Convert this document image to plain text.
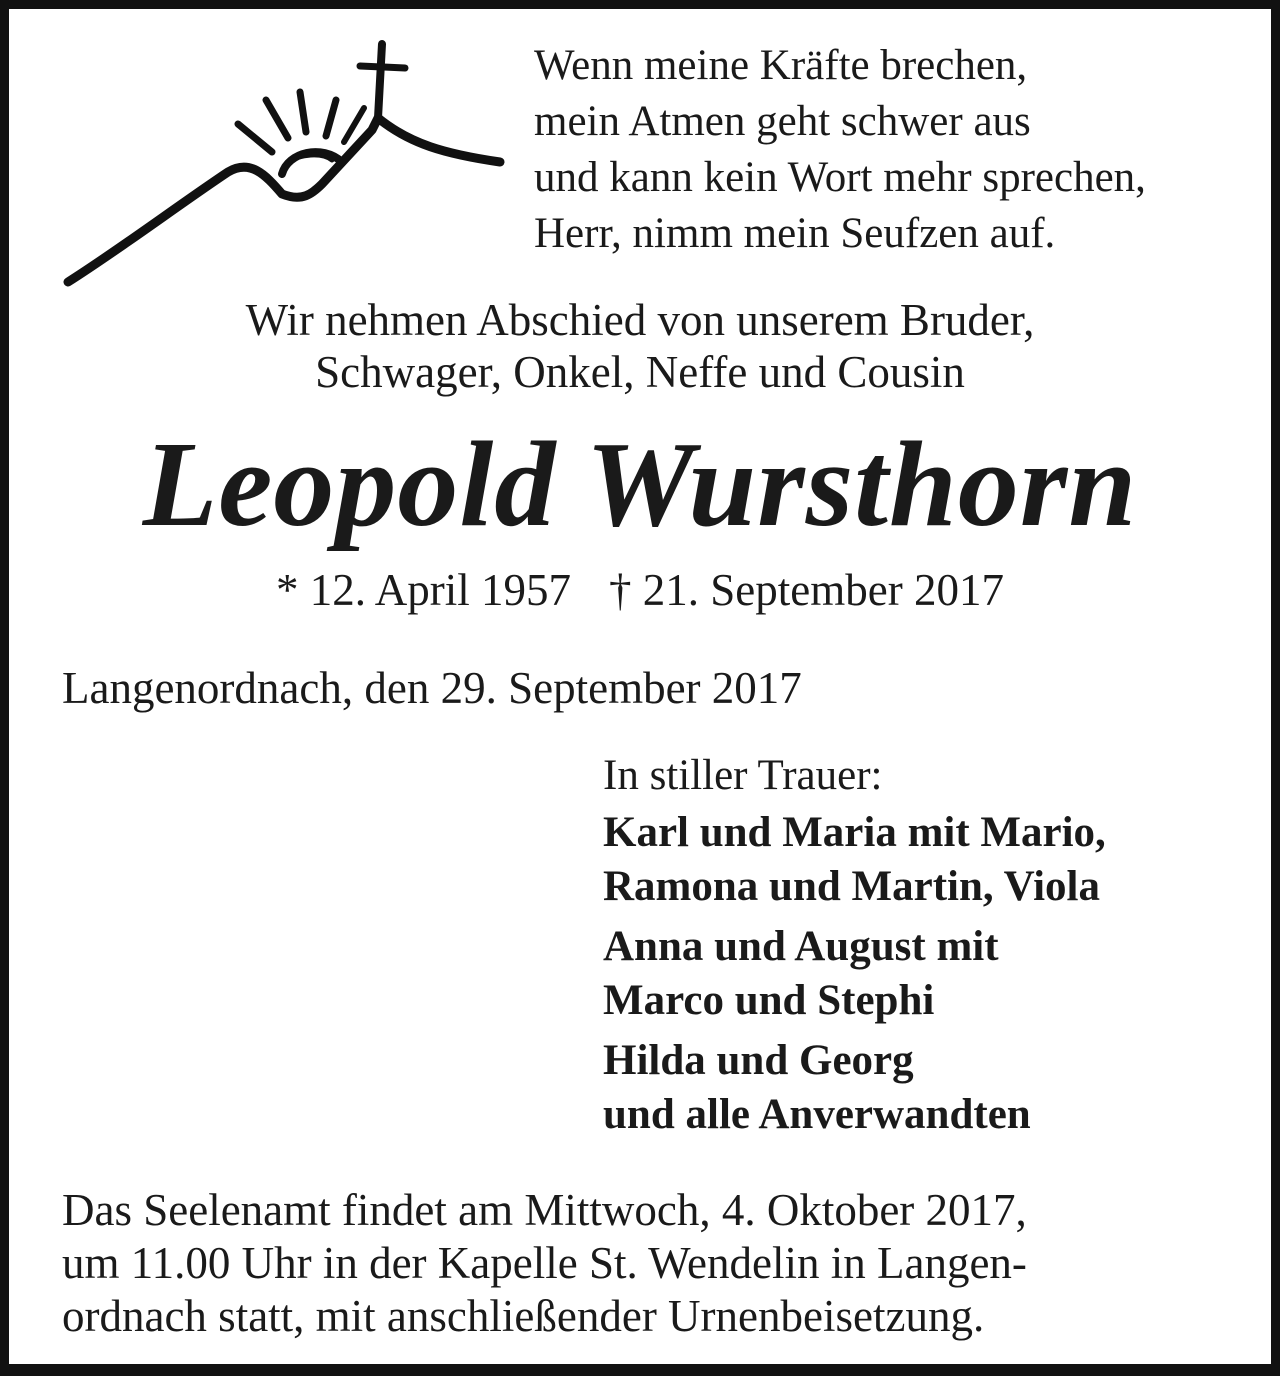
Wenn meine Kräfte brechen,
mein Atmen geht schwer aus
und kann kein Wort mehr sprechen,
Herr, nimm mein Seufzen auf.
Wir nehmen Abschied von unserem Bruder,
Schwager, Onkel, Neffe und Cousin
Leopold Wursthorn
* 12. April 1957 † 21. September 2017
Langenordnach, den 29. September 2017
In stiller Trauer:
Karl und Maria mit Mario,
Ramona und Martin, Viola
Anna und August mit
Marco und Stephi
Hilda und Georg
und alle Anverwandten
Das Seelenamt findet am Mittwoch, 4. Oktober 2017,
um 11.00 Uhr in der Kapelle St. Wendelin in Langen-
ordnach statt, mit anschließender Urnenbeisetzung.
